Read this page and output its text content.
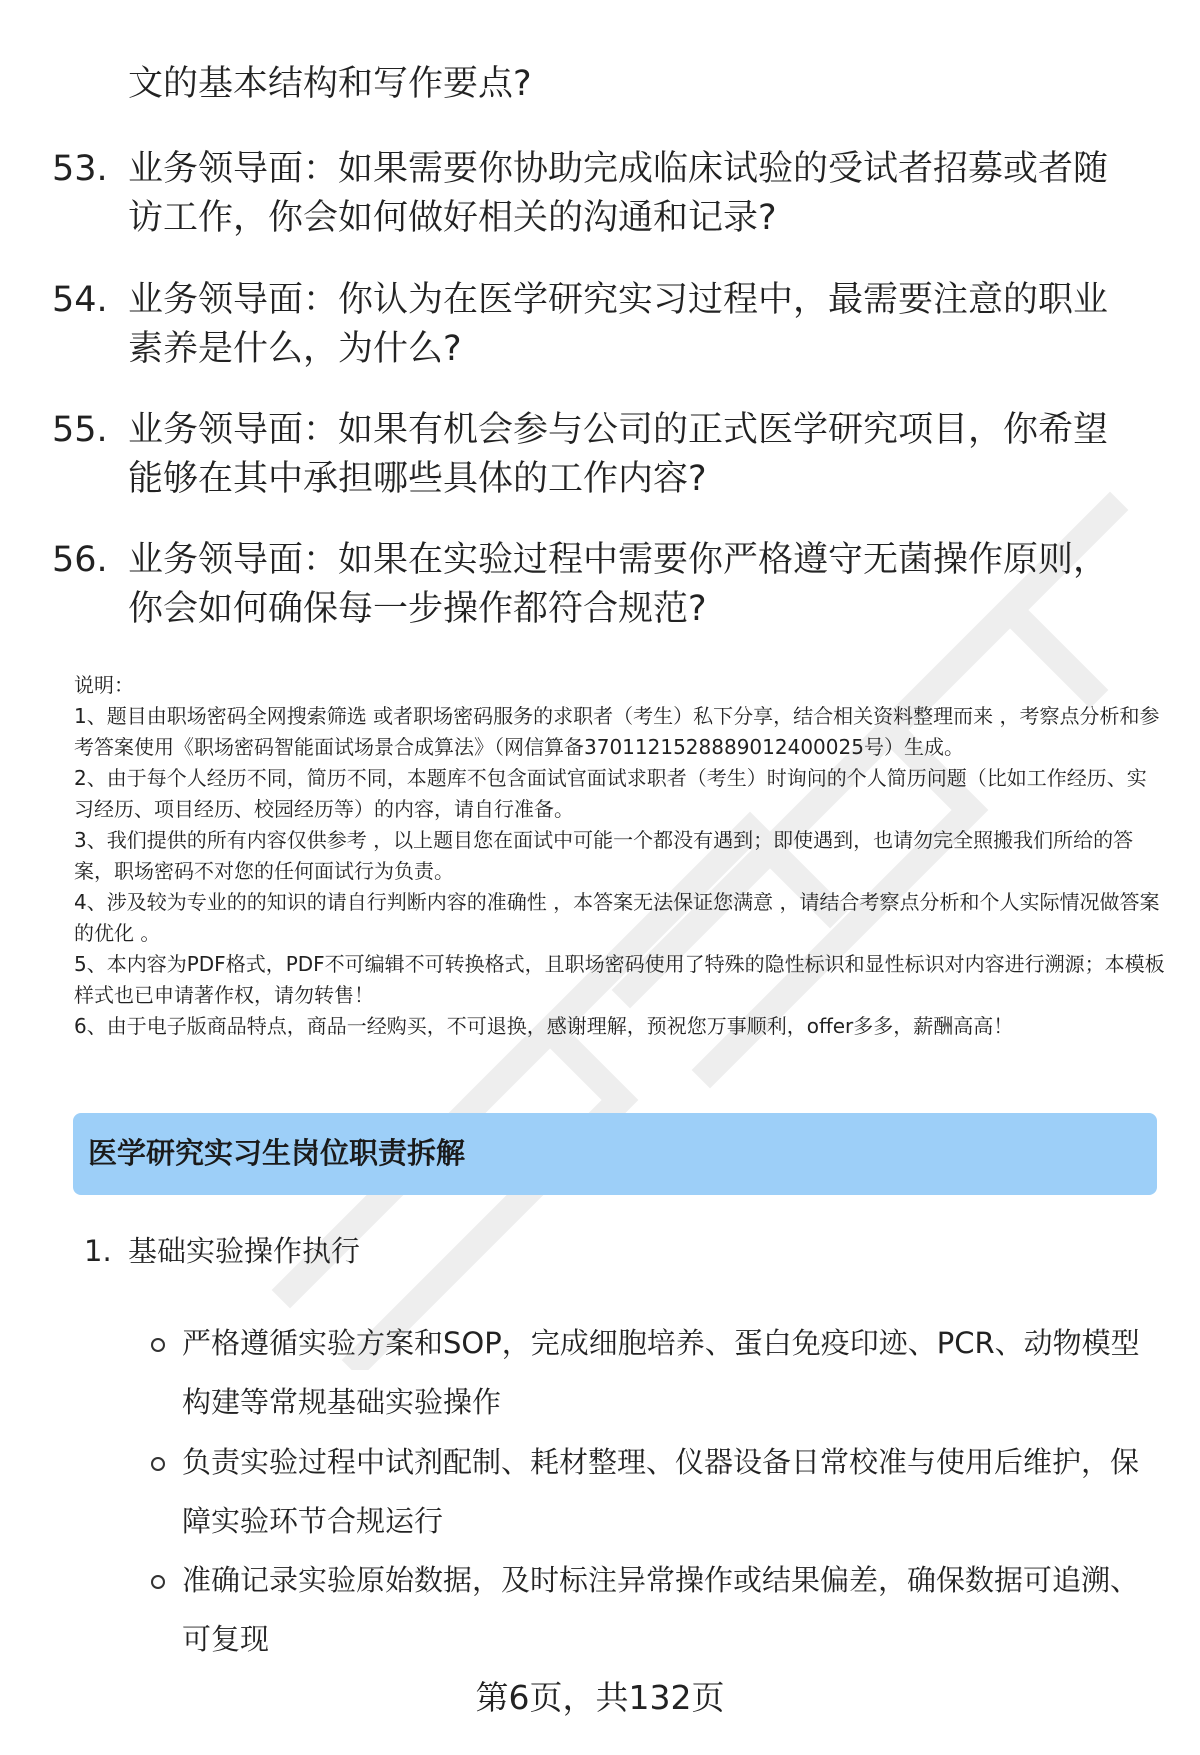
文的基本结构和写作要点?
53. 业务领导面：如果需要你协助完成临床试验的受试者招募或者随访工作，你会如何做好相关的沟通和记录?
54. 业务领导面：你认为在医学研究实习过程中，最需要注意的职业素养是什么，为什么?
55. 业务领导面：如果有机会参与公司的正式医学研究项目，你希望能够在其中承担哪些具体的工作内容?
56. 业务领导面：如果在实验过程中需要你严格遵守无菌操作原则，你会如何确保每一步操作都符合规范?

说明：

1、题目由职场密码全网搜索筛选 或者职场密码服务的求职者（考生）私下分享，结合相关资料整理而来 ，考察点分析和参考答案使用《职场密码智能面试场景合成算法》（网信算备3701121528889012400025号）生成。

2、由于每个人经历不同，简历不同，本题库不包含面试官面试求职者（考生）时询问的个人简历问题（比如工作经历、实习经历、项目经历、校园经历等）的内容，请自行准备。

3、我们提供的所有内容仅供参考 ，以上题目您在面试中可能一个都没有遇到；即使遇到，也请勿完全照搬我们所给的答案，职场密码不对您的任何面试行为负责。

4、涉及较为专业的的知识的请自行判断内容的准确性 ，本答案无法保证您满意 ，请结合考察点分析和个人实际情况做答案的优化 。

5、本内容为PDF格式，PDF不可编辑不可转换格式，且职场密码使用了特殊的隐性标识和显性标识对内容进行溯源；本模板样式也已申请著作权，请勿转售！

6、由于电子版商品特点，商品一经购买，不可退换，感谢理解，预祝您万事顺利，offer多多，薪酬高高！

医学研究实习生岗位职责拆解
1. 基础实验操作执行
严格遵循实验方案和SOP，完成细胞培养、蛋白免疫印迹、PCR、动物模型构建等常规基础实验操作
负责实验过程中试剂配制、耗材整理、仪器设备日常校准与使用后维护，保障实验环节合规运行
准确记录实验原始数据，及时标注异常操作或结果偏差，确保数据可追溯、可复现
第6页，共132页
